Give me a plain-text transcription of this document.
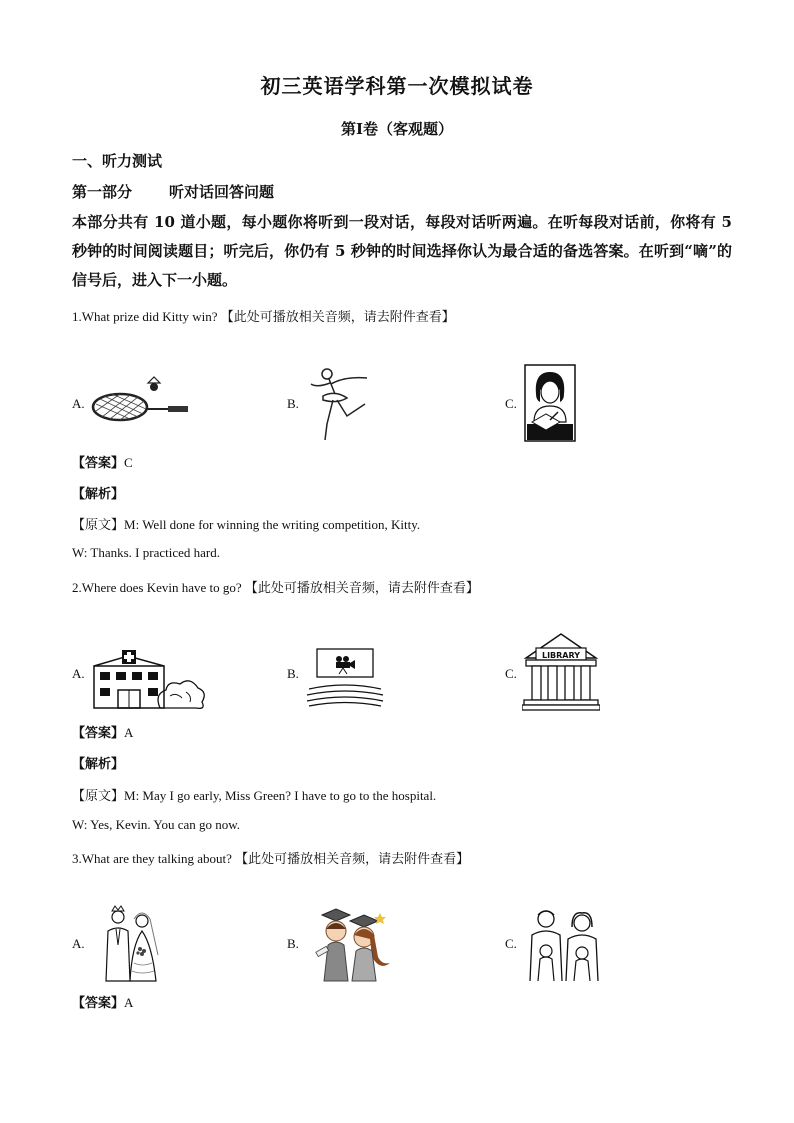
初三英语学科第一次模拟试卷
第Ⅰ卷（客观题）
一、听力测试
第一部分 听对话回答问题
本部分共有 10 道小题，每小题你将听到一段对话，每段对话听两遍。在听每段对话前，你将有 5 秒钟的时间阅读题目；听完后，你仍有 5 秒钟的时间选择你认为最合适的备选答案。在听到“嘀”的信号后，进入下一小题。
1.What prize did Kitty win? 【此处可播放相关音频，请去附件查看】
A.	B.	C.
【答案】C
【解析】
【原文】M: Well done for winning the writing competition, Kitty.
W: Thanks. I practiced hard.
2.Where does Kevin have to go? 【此处可播放相关音频，请去附件查看】
A.	B.	C.
LIBRARY
【答案】A
【解析】
【原文】M: May I go early, Miss Green? I have to go to the hospital.
W: Yes, Kevin. You can go now.
3.What are they talking about? 【此处可播放相关音频，请去附件查看】
A.	B.	C.
【答案】A
